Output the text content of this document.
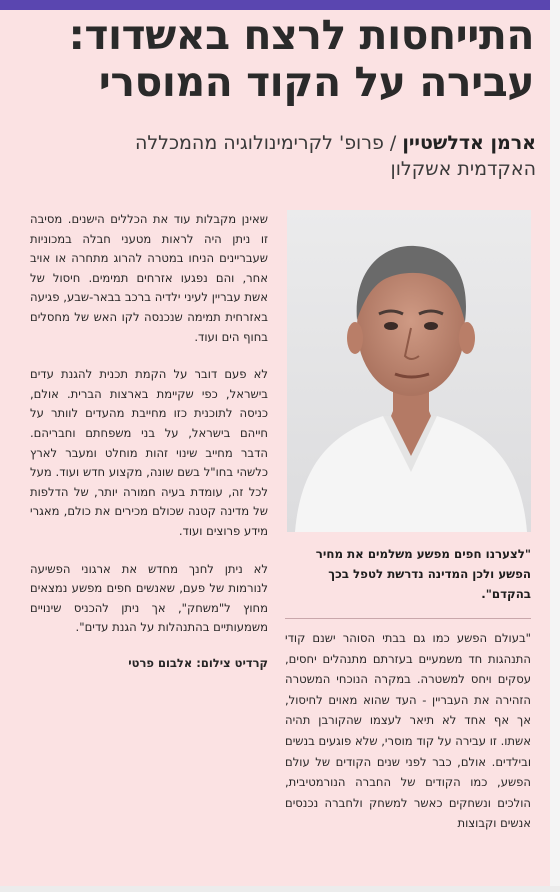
התייחסות לרצח באשדוד:
עבירה על הקוד המוסרי
ארמן אדלשטיין / פרופ' לקרימינולוגיה מהמכללה
האקדמית אשקלון

שאינן מקבלות עוד את הכללים הישנים. מסיבה זו ניתן היה לראות מטעני חבלה במכוניות שעבריינים הניחו במטרה להרוג מתחרה או אויב אחר, והם נפגעו אזרחים תמימים. חיסול של אשת עבריין לעיני ילדיה ברכב בבאר-שבע, פגיעה באזרחית תמימה שנכנסה לקו האש של מחסלים בחוף הים ועוד.

לא פעם דובר על הקמת תכנית להגנת עדים בישראל, כפי שקיימת בארצות הברית. אולם, כניסה לתוכנית כזו מחייבת מהעדים לוותר על חייהם בישראל, על בני משפחתם וחבריהם. הדבר מחייב שינוי זהות מוחלט ומעבר לארץ כלשהי בחו"ל בשם שונה, מקצוע חדש ועוד. מעל לכל זה, עומדת בעיה חמורה יותר, של הדלפות של מדינה קטנה שכולם מכירים את כולם, מאגרי מידע פרוצים ועוד.

לא ניתן לחנך מחדש את ארגוני הפשיעה לנורמות של פעם, שאנשים חפים מפשע נמצאים מחוץ ל"משחק", אך ניתן להכניס שינויים משמעותיים בהתנהלות על הגנת עדים".

קרדיט צילום: אלבום פרטי
"לצערנו חפים מפשע משלמים את מחיר הפשע ולכן המדינה נדרשת לטפל בכך בהקדם".

"בעולם הפשע כמו גם בבתי הסוהר ישנם קודי התנהגות חד משמעיים בעזרתם מתנהלים יחסים, עסקים ויחס למשטרה. במקרה הנוכחי המשטרה הזהירה את העבריין - העד שהוא מאוים לחיסול, אך אף אחד לא תיאר לעצמו שהקורבן תהיה אשתו. זו עבירה על קוד מוסרי, שלא פוגעים בנשים ובילדים. אולם, כבר לפני שנים הקודים של עולם הפשע, כמו הקודים של החברה הנורמטיבית, הולכים ונשחקים כאשר למשחק ולחברה נכנסים אנשים וקבוצות
